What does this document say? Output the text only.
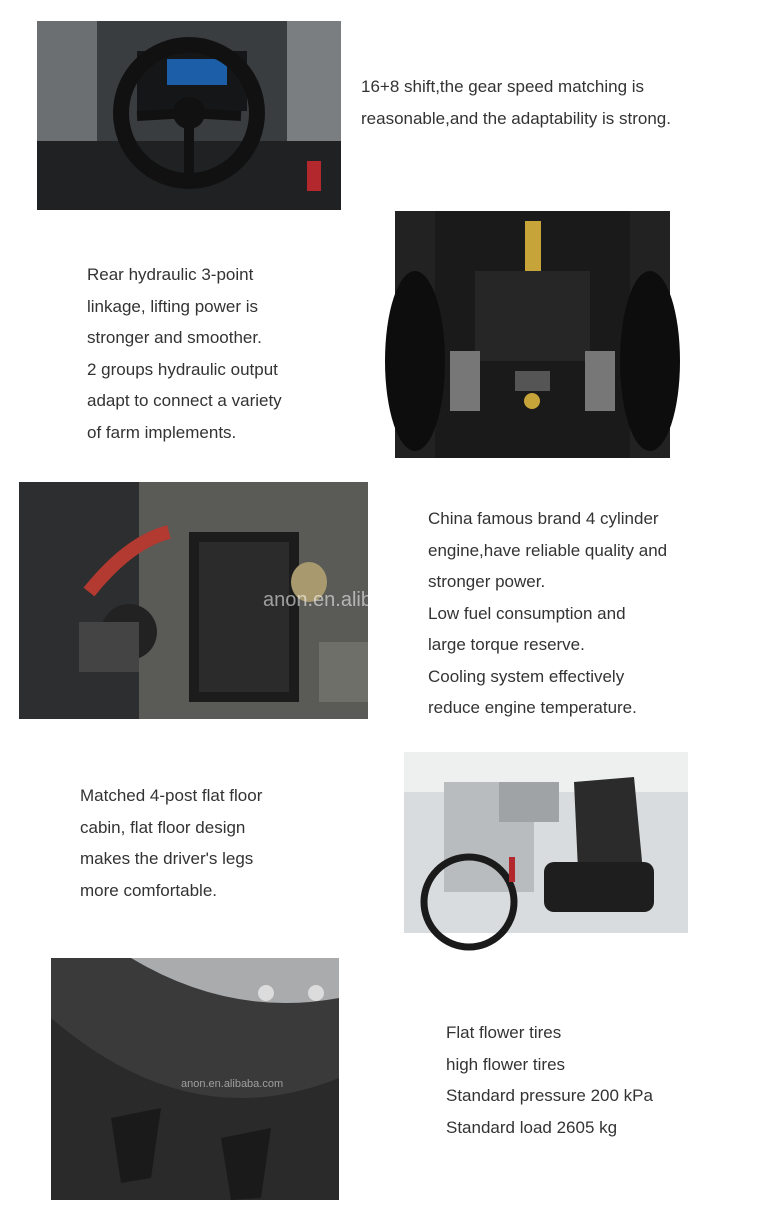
16+8 shift,the gear speed matching is
reasonable,and the adaptability is strong.
Rear hydraulic 3-point
linkage, lifting power is
stronger and smoother.
2 groups hydraulic output
adapt to connect a variety
of farm implements.
anon.en.alibaba.com
China famous brand 4 cylinder
engine,have reliable quality and
stronger power.
Low fuel consumption and
large torque reserve.
Cooling system effectively
reduce engine temperature.
Matched 4-post flat floor
cabin, flat floor design
makes the driver's legs
more comfortable.
anon.en.alibaba.com
Flat flower tires
high flower tires
Standard pressure 200 kPa
Standard load 2605 kg
